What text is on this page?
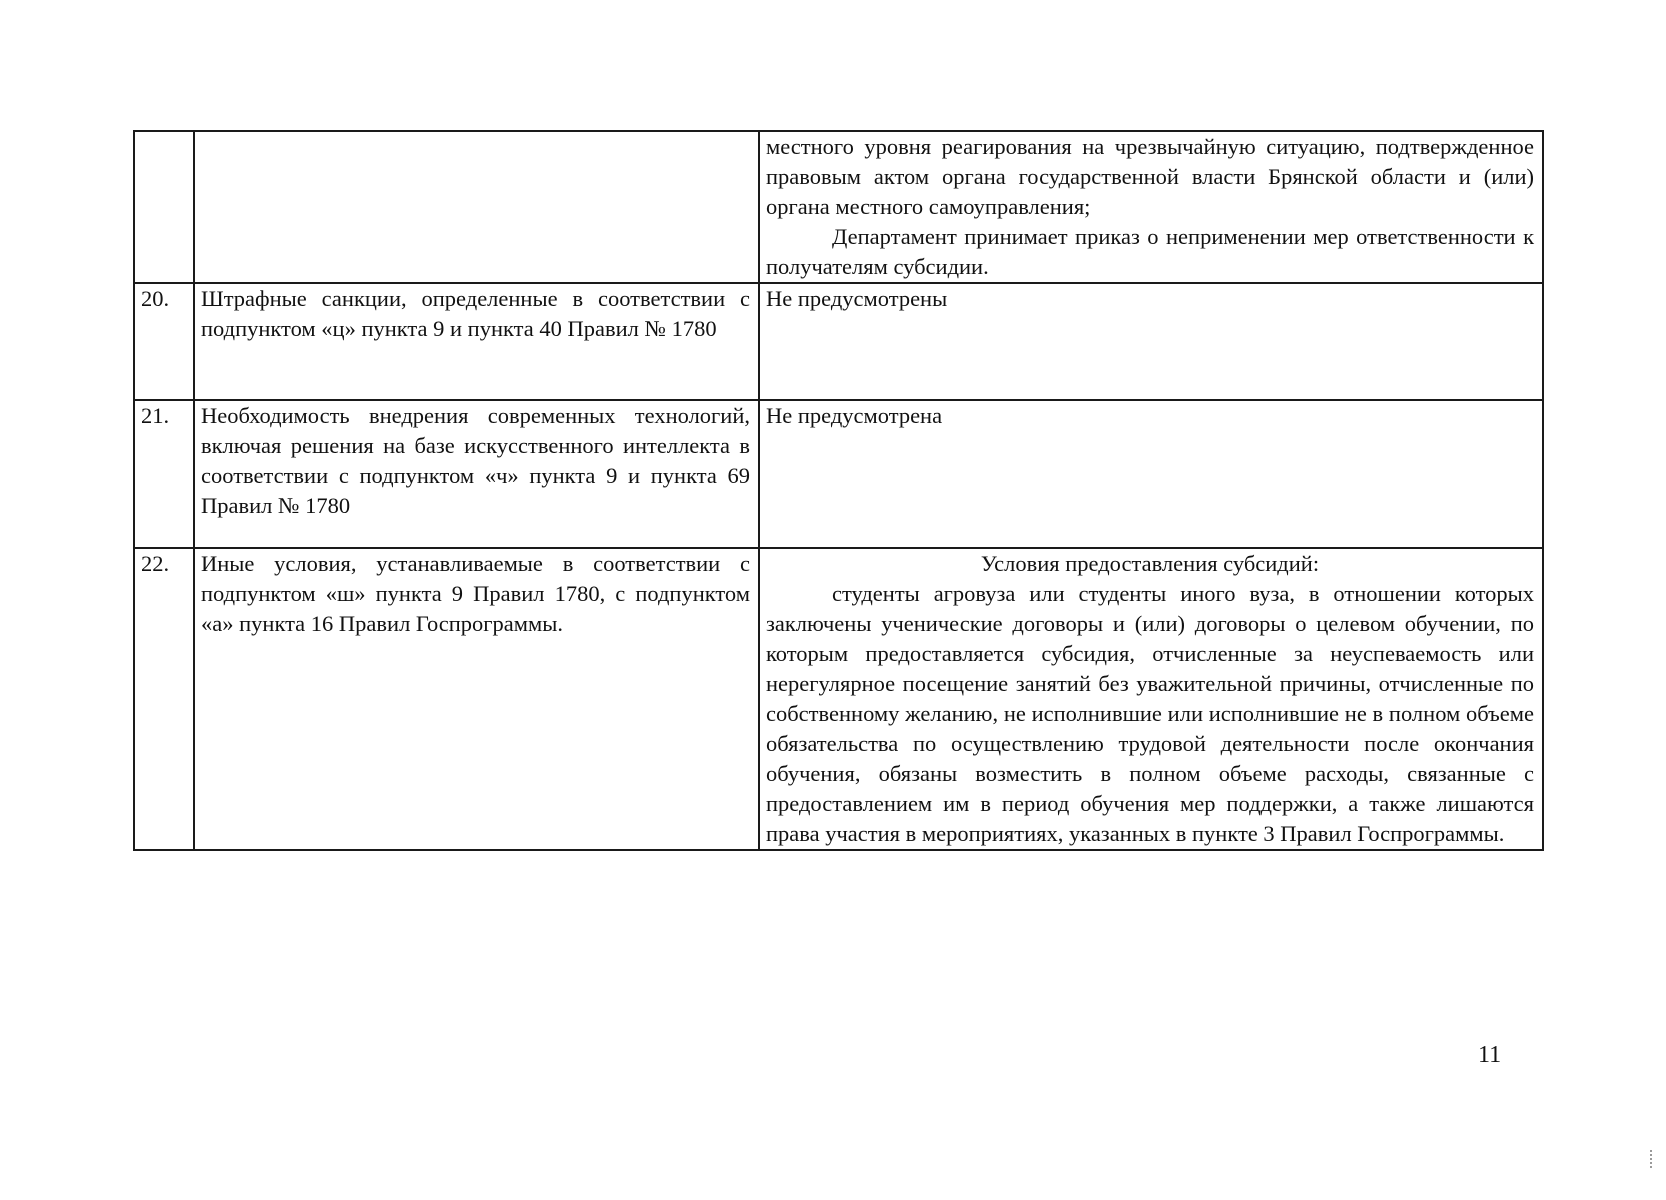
		местного уровня реагирования на чрезвычайную ситуацию, подтвержденное правовым актом органа государственной власти Брянской области и (или) органа местного самоуправления;

Департамент принимает приказ о неприменении мер ответственности к получателям субсидии.

20.	Штрафные санкции, определенные в соответствии с подпунктом «ц» пункта 9 и пункта 40 Правил № 1780	Не предусмотрены

21.	Необходимость внедрения современных технологий, включая решения на базе искусственного интеллекта в соответствии с подпунктом «ч» пункта 9 и пункта 69 Правил № 1780	Не предусмотрена

22.	Иные условия, устанавливаемые в соответствии с подпунктом «ш» пункта 9 Правил 1780, с подпунктом «а» пункта 16 Правил Госпрограммы.	Условия предоставления субсидий:

студенты агровуза или студенты иного вуза, в отношении которых заключены ученические договоры и (или) договоры о целевом обучении, по которым предоставляется субсидия, отчисленные за неуспеваемость или нерегулярное посещение занятий без уважительной причины, отчисленные по собственному желанию, не исполнившие или исполнившие не в полном объеме обязательства по осуществлению трудовой деятельности после окончания обучения, обязаны возместить в полном объеме расходы, связанные с предоставлением им в период обучения мер поддержки, а также лишаются права участия в мероприятиях, указанных в пункте 3 Правил Госпрограммы.

11
